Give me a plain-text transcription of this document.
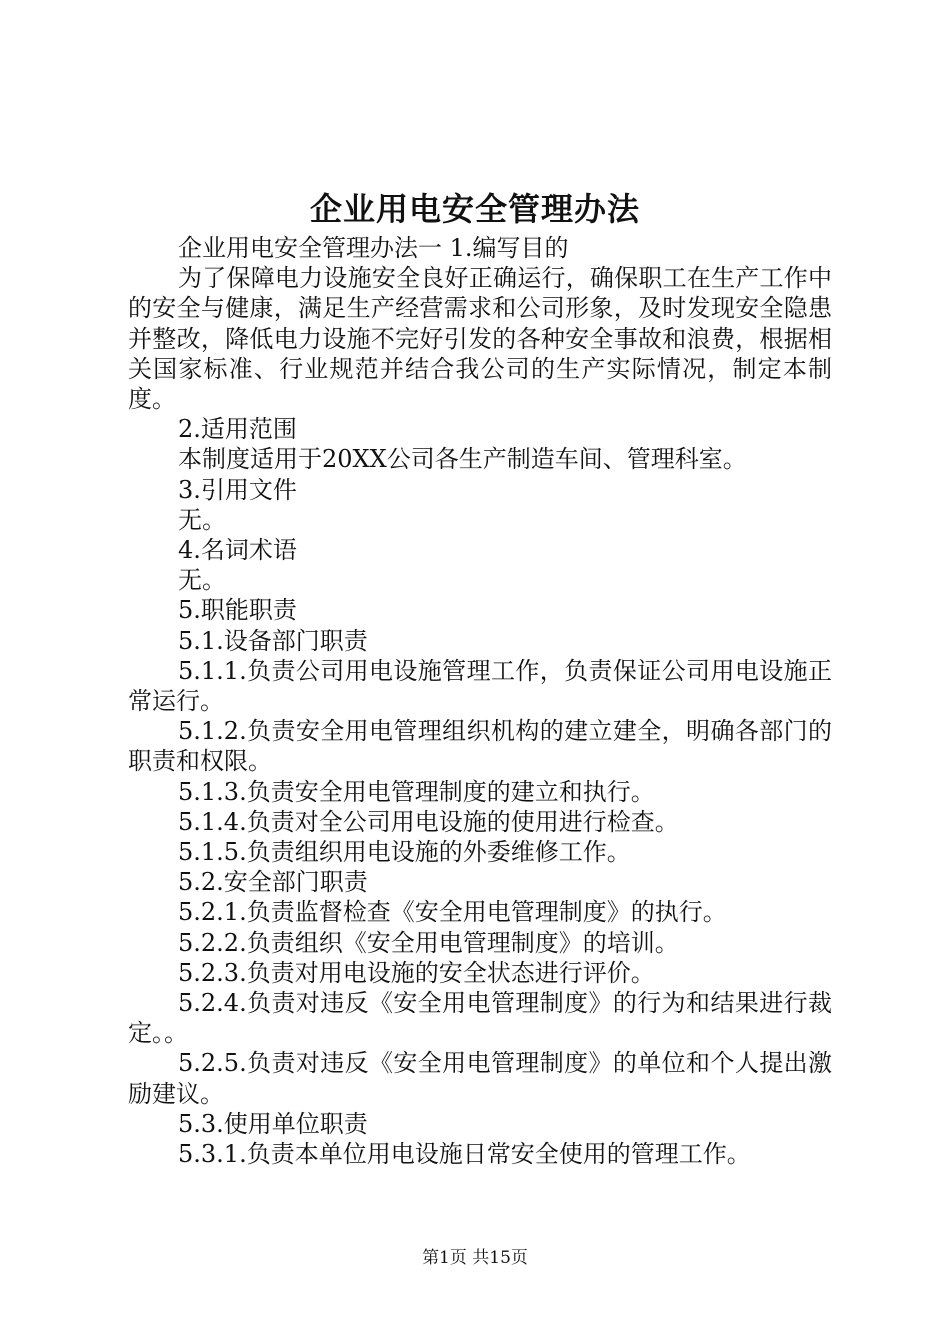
企业用电安全管理办法

企业用电安全管理办法一 1.编写目的

为了保障电力设施安全良好正确运行，确保职工在生产工作中的安全与健康，满足生产经营需求和公司形象，及时发现安全隐患并整改，降低电力设施不完好引发的各种安全事故和浪费，根据相关国家标准、行业规范并结合我公司的生产实际情况，制定本制度。

2.适用范围

本制度适用于20XX公司各生产制造车间、管理科室。

3.引用文件

无。

4.名词术语

无。

5.职能职责

5.1.设备部门职责

5.1.1.负责公司用电设施管理工作，负责保证公司用电设施正常运行。

5.1.2.负责安全用电管理组织机构的建立建全，明确各部门的职责和权限。

5.1.3.负责安全用电管理制度的建立和执行。

5.1.4.负责对全公司用电设施的使用进行检查。

5.1.5.负责组织用电设施的外委维修工作。

5.2.安全部门职责

5.2.1.负责监督检查《安全用电管理制度》的执行。

5.2.2.负责组织《安全用电管理制度》的培训。

5.2.3.负责对用电设施的安全状态进行评价。

5.2.4.负责对违反《安全用电管理制度》的行为和结果进行裁定。。

5.2.5.负责对违反《安全用电管理制度》的单位和个人提出激励建议。

5.3.使用单位职责

5.3.1.负责本单位用电设施日常安全使用的管理工作。

第1页 共15页
